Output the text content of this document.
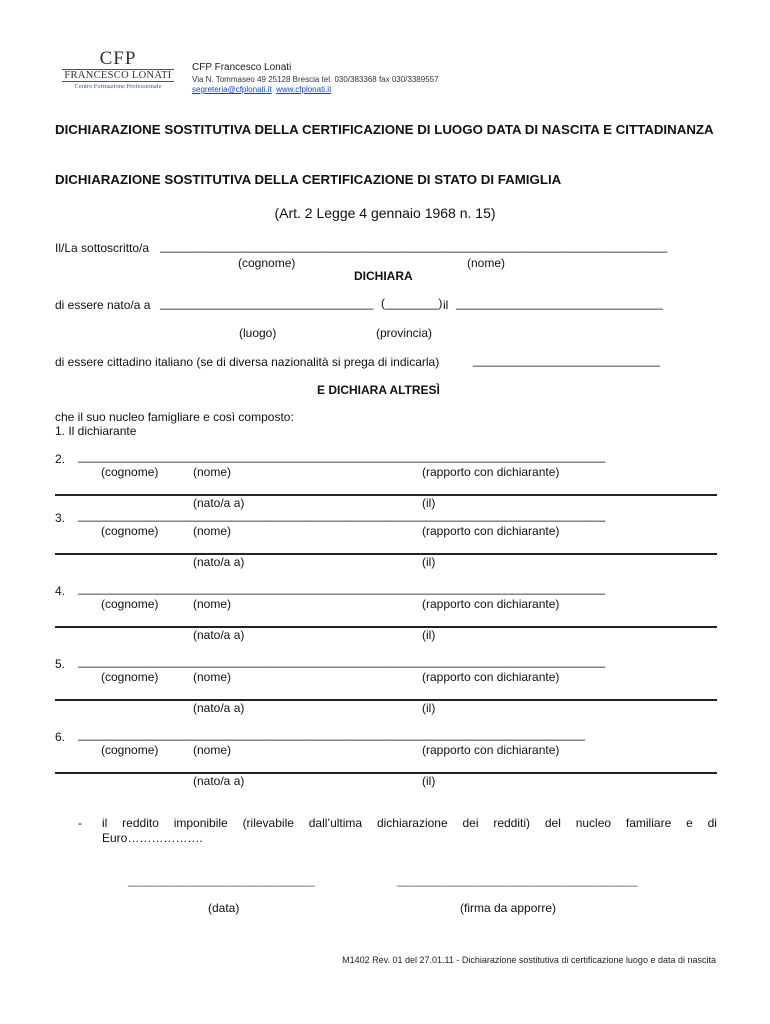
CFP
FRANCESCO LONATI
Centro Formazione Professionale
CFP Francesco Lonati
Via N. Tommaseo 49 25128 Brescia tel. 030/383368 fax 030/3389557
segreteria@cfplonati.it www.cfplonati.it
DICHIARAZIONE SOSTITUTIVA DELLA CERTIFICAZIONE DI LUOGO DATA DI NASCITA E CITTADINANZA
DICHIARAZIONE SOSTITUTIVA DELLA CERTIFICAZIONE DI STATO DI FAMIGLIA
(Art. 2 Legge 4 gennaio 1968 n. 15)
Il/La sottoscritto/a ____________________________________________________________________________
(cognome)	(nome)
DICHIARA
di essere nato/a a ________________________________ (________) il _______________________________
(luogo)	(provincia)
di essere cittadino italiano (se di diversa nazionalità si prega di indicarla)	____________________________
E DICHIARA ALTRESÌ
che il suo nucleo famigliare e così composto:
1. Il dichiarante
2. _______________________________________________________________________________
(cognome)	(nome)	(rapporto con dichiarante)
(nato/a a)	(il)
3. _______________________________________________________________________________
(cognome)	(nome)	(rapporto con dichiarante)
(nato/a a)	(il)
4. _______________________________________________________________________________
(cognome)	(nome)	(rapporto con dichiarante)
(nato/a a)	(il)
5. _______________________________________________________________________________
(cognome)	(nome)	(rapporto con dichiarante)
(nato/a a)	(il)
6. ____________________________________________________________________________
(cognome)	(nome)	(rapporto con dichiarante)
(nato/a a)	(il)
- il reddito imponibile (rilevabile dall’ultima dichiarazione dei redditi) del nucleo familiare e di
Euro……………….
____________________________	____________________________________
(data)	(firma da apporre)
M1402 Rev. 01 del 27.01.11 - Dichiarazione sostitutiva di certificazione luogo e data di nascita
